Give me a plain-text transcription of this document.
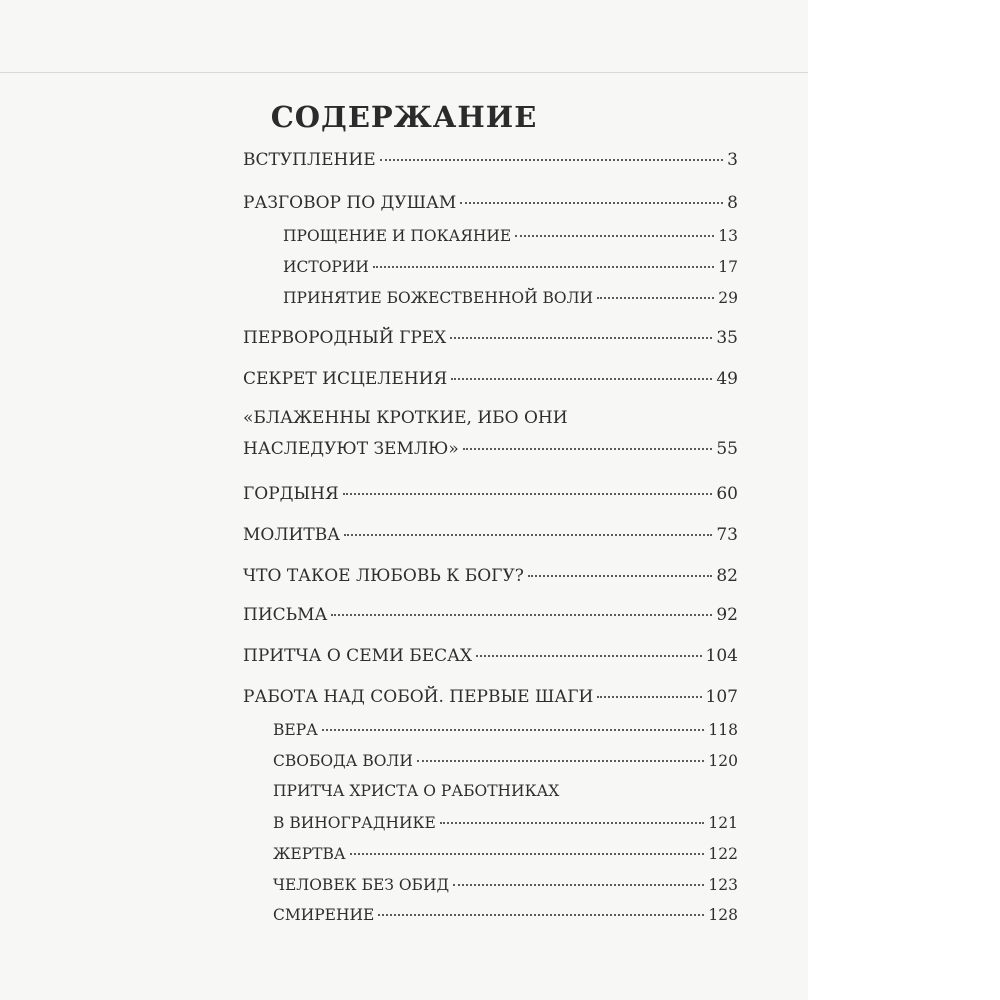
СОДЕРЖАНИЕ
ВСТУПЛЕНИЕ	3
РАЗГОВОР ПО ДУШАМ	8
ПРОЩЕНИЕ И ПОКАЯНИЕ	13
ИСТОРИИ	17
ПРИНЯТИЕ БОЖЕСТВЕННОЙ ВОЛИ	29
ПЕРВОРОДНЫЙ ГРЕХ	35
СЕКРЕТ ИСЦЕЛЕНИЯ	49
«БЛАЖЕННЫ КРОТКИЕ, ИБО ОНИ
НАСЛЕДУЮТ ЗЕМЛЮ»	55
ГОРДЫНЯ	60
МОЛИТВА	73
ЧТО ТАКОЕ ЛЮБОВЬ К БОГУ?	82
ПИСЬМА	92
ПРИТЧА О СЕМИ БЕСАХ	104
РАБОТА НАД СОБОЙ. ПЕРВЫЕ ШАГИ	107
ВЕРА	118
СВОБОДА ВОЛИ	120
ПРИТЧА ХРИСТА О РАБОТНИКАХ
В ВИНОГРАДНИКЕ	121
ЖЕРТВА	122
ЧЕЛОВЕК БЕЗ ОБИД	123
СМИРЕНИЕ	128
